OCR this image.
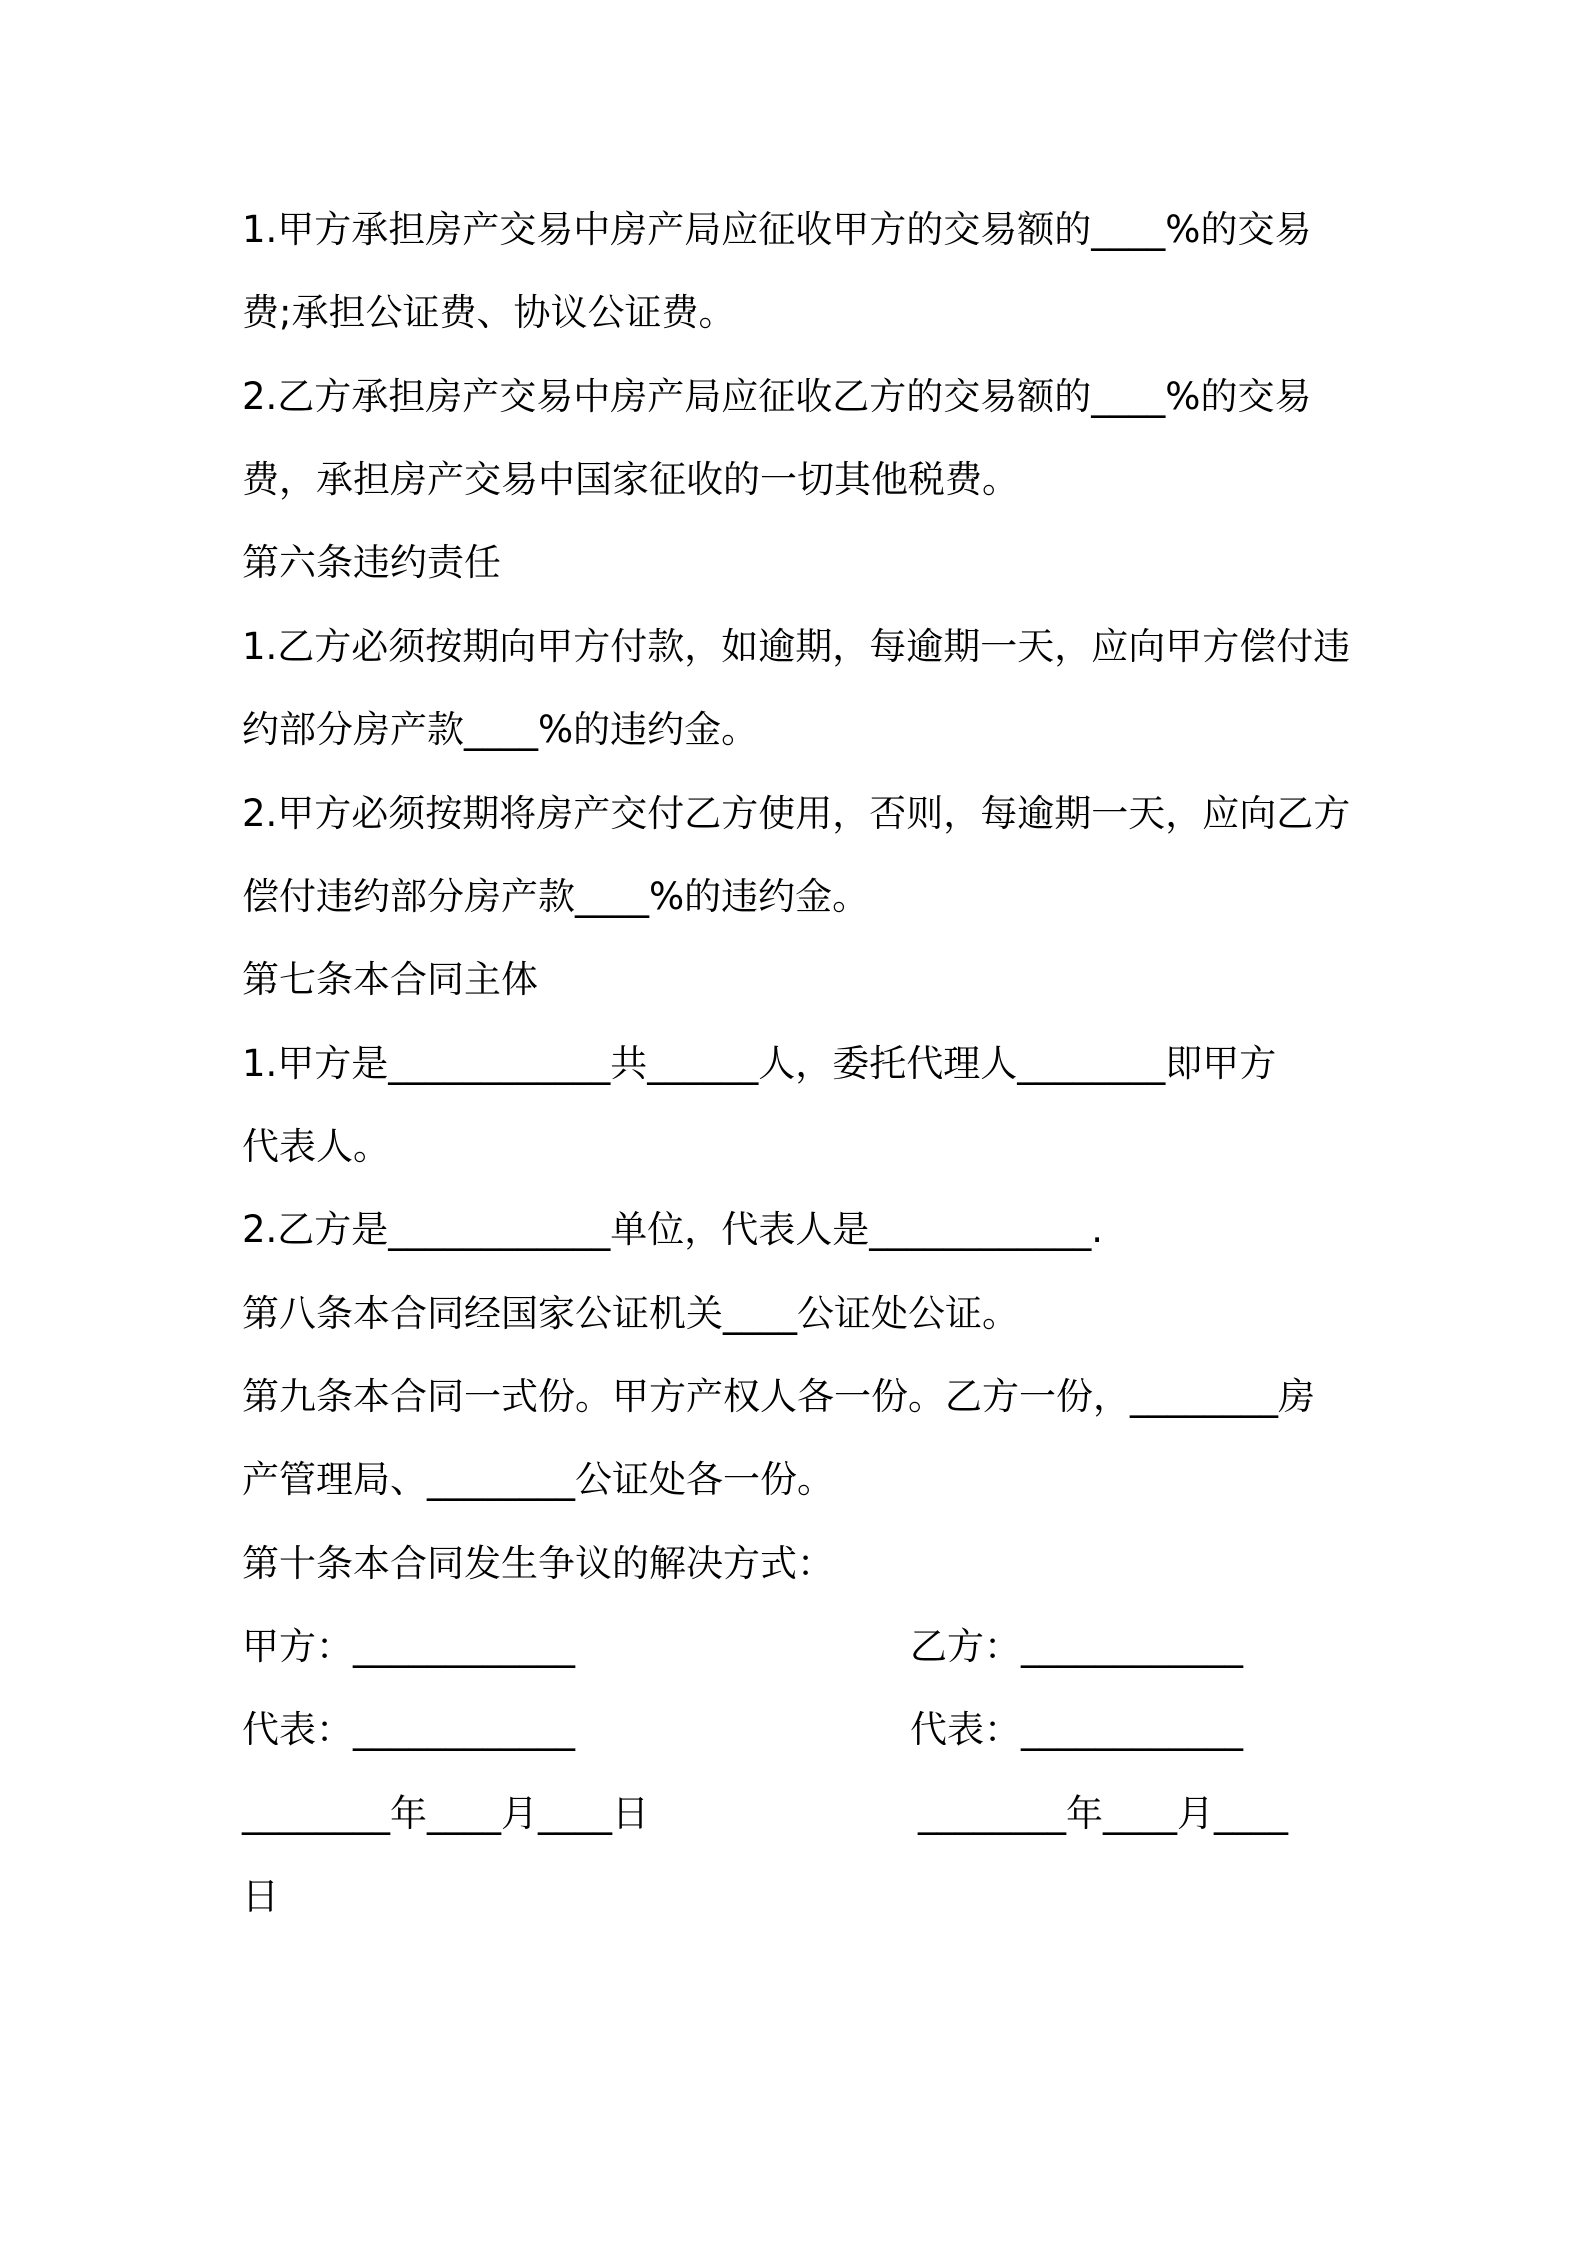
1.甲方承担房产交易中房产局应征收甲方的交易额的____%的交易
费;承担公证费、协议公证费。
2.乙方承担房产交易中房产局应征收乙方的交易额的____%的交易
费，承担房产交易中国家征收的一切其他税费。
第六条违约责任
1.乙方必须按期向甲方付款，如逾期，每逾期一天，应向甲方偿付违
约部分房产款____%的违约金。
2.甲方必须按期将房产交付乙方使用，否则，每逾期一天，应向乙方
偿付违约部分房产款____%的违约金。
第七条本合同主体
1.甲方是____________共______人，委托代理人________即甲方
代表人。
2.乙方是____________单位，代表人是____________.
第八条本合同经国家公证机关____公证处公证。
第九条本合同一式份。甲方产权人各一份。乙方一份，________房
产管理局、________公证处各一份。
第十条本合同发生争议的解决方式：
甲方：____________	乙方：____________
代表：____________	代表：____________
________年____月____日	________年____月____
日
